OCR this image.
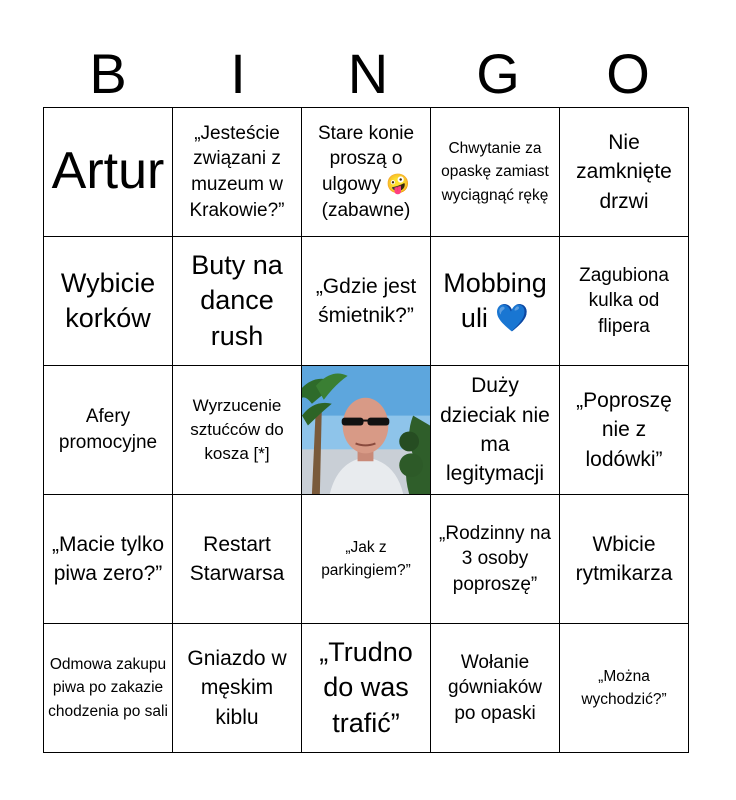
B	I	N	G	O
Artur	„Jesteście związani z muzeum w Krakowie?”	Stare konie proszą o ulgowy 🤪 (zabawne)	Chwytanie za opaskę zamiast wyciągnąć rękę	Nie zamknięte drzwi
Wybicie korków	Buty na dance rush	„Gdzie jest śmietnik?”	Mobbing uli 💙	Zagubiona kulka od flipera
Afery promocyjne	Wyrzucenie sztućców do kosza [*]		Duży dzieciak nie ma legitymacji	„Poproszę nie z lodówki”
„Macie tylko piwa zero?”	Restart Starwarsa	„Jak z parkingiem?”	„Rodzinny na 3 osoby poproszę”	Wbicie rytmikarza
Odmowa zakupu piwa po zakazie chodzenia po sali	Gniazdo w męskim kiblu	„Trudno do was trafić”	Wołanie gówniaków po opaski	„Można wychodzić?”
